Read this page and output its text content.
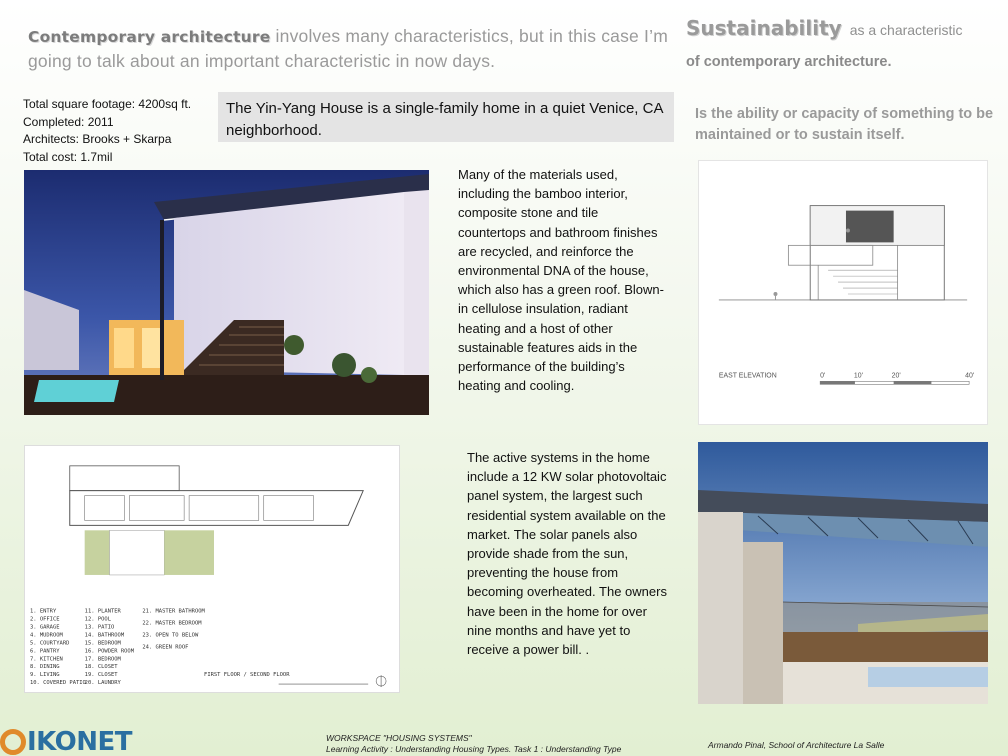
Contemporary architecture involves many characteristics, but in this case I’m going to talk about an important characteristic in now days.
Sustainability as a characteristic
of contemporary architecture.
Is the ability or capacity of something to be maintained or to sustain itself.
Total square footage: 4200sq ft.
Completed: 2011
Architects: Brooks + Skarpa
Total cost: 1.7mil
The Yin-Yang House is a single-family home in a quiet Venice, CA neighborhood.
Many of the materials used, including the bamboo interior, composite stone and tile countertops and bathroom finishes are recycled, and reinforce the environmental DNA of the house, which also has a green roof. Blown-in cellulose insulation, radiant heating and a host of other sustainable features aids in the performance of the building’s heating and cooling.
EAST ELEVATION	0'	10'	20'	40'
1. ENTRY
2. OFFICE
3. GARAGE
4. MUDROOM
5. COURTYARD
6. PANTRY
7. KITCHEN
8. DINING
9. LIVING
10. COVERED PATIO
11. PLANTER
12. POOL
13. PATIO
14. BATHROOM
15. BEDROOM
16. POWDER ROOM
17. BEDROOM
18. CLOSET
19. CLOSET
20. LAUNDRY
21. MASTER BATHROOM
22. MASTER BEDROOM
23. OPEN TO BELOW
24. GREEN ROOF
FIRST FLOOR / SECOND FLOOR
The active systems in the home include a 12 KW solar photovoltaic panel system, the largest such residential system available on the market. The solar panels also provide shade from the sun, preventing the house from becoming overheated. The owners have been in the home for over nine months and have yet to receive a power bill. .
IKONET	WORKSPACE "HOUSING SYSTEMS"
Learning Activity : Understanding Housing Types. Task 1 : Understanding Type	Armando Pinal, School of Architecture La Salle
